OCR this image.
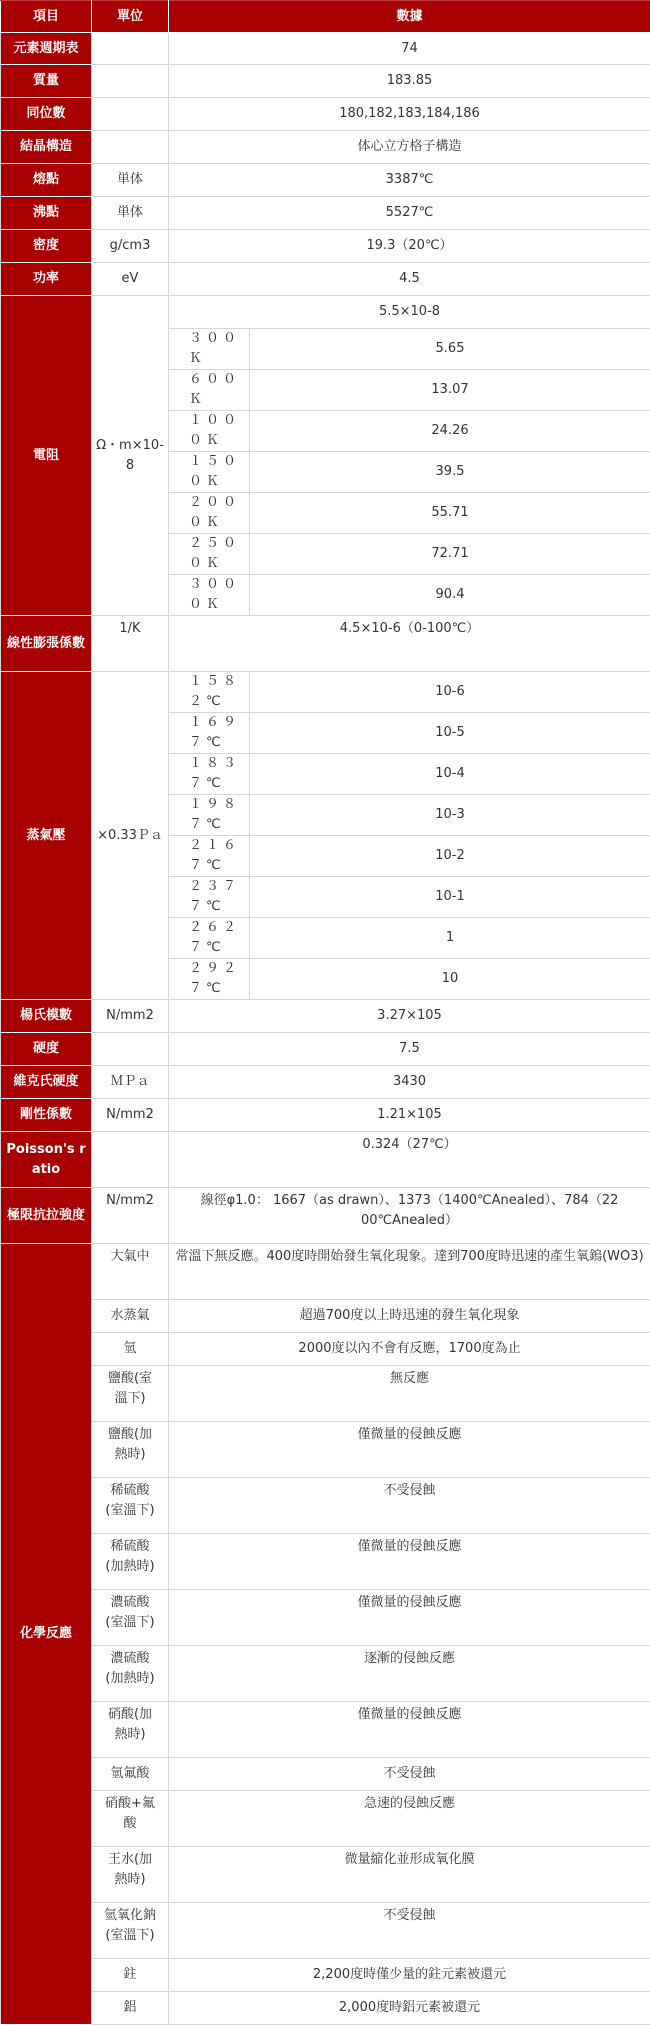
項目	單位	數據	
元素週期表		74	
質量		183.85	
同位數		180,182,183,184,186	
結晶構造		体心立方格子構造	
熔點	単体	3387℃	
沸點	単体	5527℃	
密度	g/cm3	19.3（20℃）	
功率	eV	4.5	
電阻	Ω・m×10-8	5.5×10-8	
		３００Ｋ	5.65
		６００Ｋ	13.07
		１０００Ｋ	24.26
		１５００Ｋ	39.5
		２０００Ｋ	55.71
		２５００Ｋ	72.71
		３０００Ｋ	90.4
線性膨張係數	1/K	4.5×10-6（0-100℃）	
蒸氣壓	×0.33Ｐａ	１５８２℃	10-6
		１６９７℃	10-5
		１８３７℃	10-4
		１９８７℃	10-3
		２１６７℃	10-2
		２３７７℃	10-1
		２６２７℃	1
		２９２７℃	10
楊氏模數	N/mm2	3.27×105	
硬度		7.5	
維克氏硬度	ＭＰａ	3430	
剛性係數	N/mm2	1.21×105	
Poisson's ratio		0.324（27℃）	
極限抗拉強度	N/mm2	線徑φ1.0： 1667（as drawn）、1373（1400℃Anealed）、784（2200℃Anealed）	
化學反應	大氣中	常溫下無反應。400度時開始發生氧化現象。達到700度時迅速的產生氧鎢(WO3)	
	水蒸氣	超過700度以上時迅速的發生氧化現象	
	氫	2000度以內不會有反應，1700度為止	
	鹽酸(室溫下)	無反應	
	鹽酸(加熱時)	僅微量的侵蝕反應	
	稀硫酸(室溫下)	不受侵蝕	
	稀硫酸(加熱時)	僅微量的侵蝕反應	
	濃硫酸(室溫下)	僅微量的侵蝕反應	
	濃硫酸(加熱時)	逐漸的侵蝕反應	
	硝酸(加熱時)	僅微量的侵蝕反應	
	氫氟酸	不受侵蝕	
	硝酸+氟酸	急速的侵蝕反應	
	王水(加熱時)	微量縮化並形成氧化膜	
	氫氧化鈉(室溫下)	不受侵蝕	
	鉒	2,200度時僅少量的鉒元素被還元	
	鋁	2,000度時鋁元素被還元	
